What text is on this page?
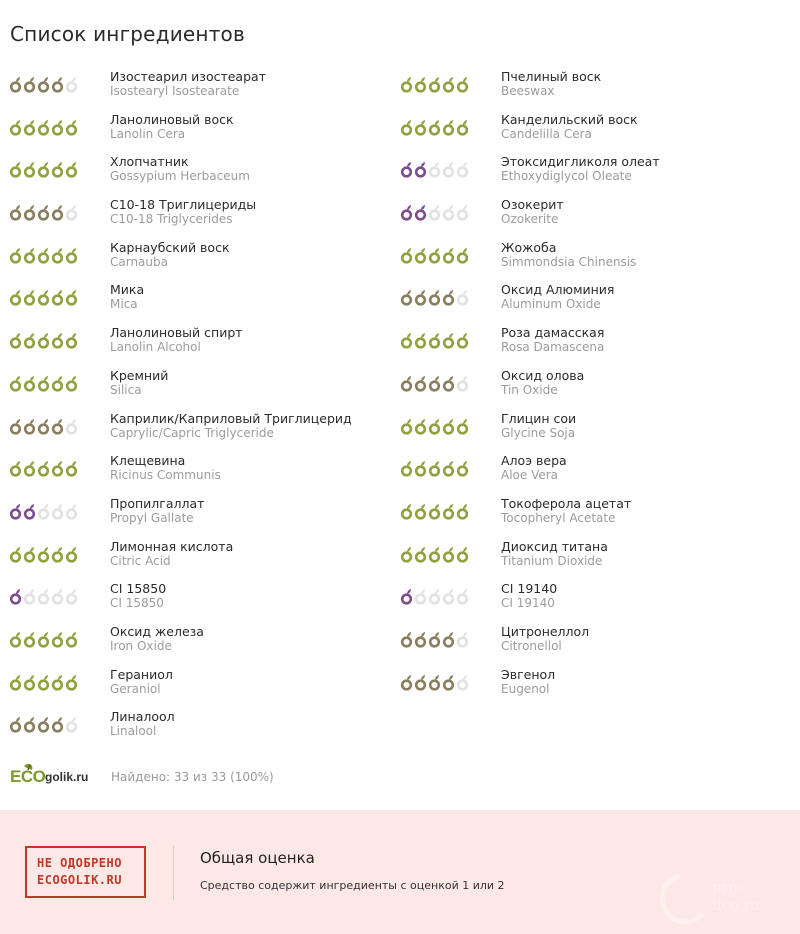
Список ингредиентов
Изостеарил изостеарат
Isostearyl Isostearate
Ланолиновый воск
Lanolin Cera
Хлопчатник
Gossypium Herbaceum
C10-18 Триглицериды
C10-18 Triglycerides
Карнаубский воск
Carnauba
Мика
Mica
Ланолиновый спирт
Lanolin Alcohol
Кремний
Silica
Каприлик/Каприловый Триглицерид
Caprylic/Capric Triglyceride
Клещевина
Ricinus Communis
Пропилгаллат
Propyl Gallate
Лимонная кислота
Citric Acid
CI 15850
CI 15850
Оксид железа
Iron Oxide
Гераниол
Geraniol
Линалоол
Linalool
Пчелиный воск
Beeswax
Канделильский воск
Candelilla Cera
Этоксидигликоля олеат
Ethoxydiglycol Oleate
Озокерит
Ozokerite
Жожоба
Simmondsia Chinensis
Оксид Алюминия
Aluminum Oxide
Роза дамасская
Rosa Damascena
Оксид олова
Tin Oxide
Глицин сои
Glycine Soja
Алоэ вера
Aloe Vera
Токоферола ацетат
Tocopheryl Acetate
Диоксид титана
Titanium Dioxide
CI 19140
CI 19140
Цитронеллол
Citronellol
Эвгенол
Eugenol
ECO golik.ru Найдено: 33 из 33 (100%)
НЕ ОДОБРЕНО
ECOGOLIK.RU
Общая оценка
Средство содержит ингредиенты с оценкой 1 или 2	pro-
lico.ru
